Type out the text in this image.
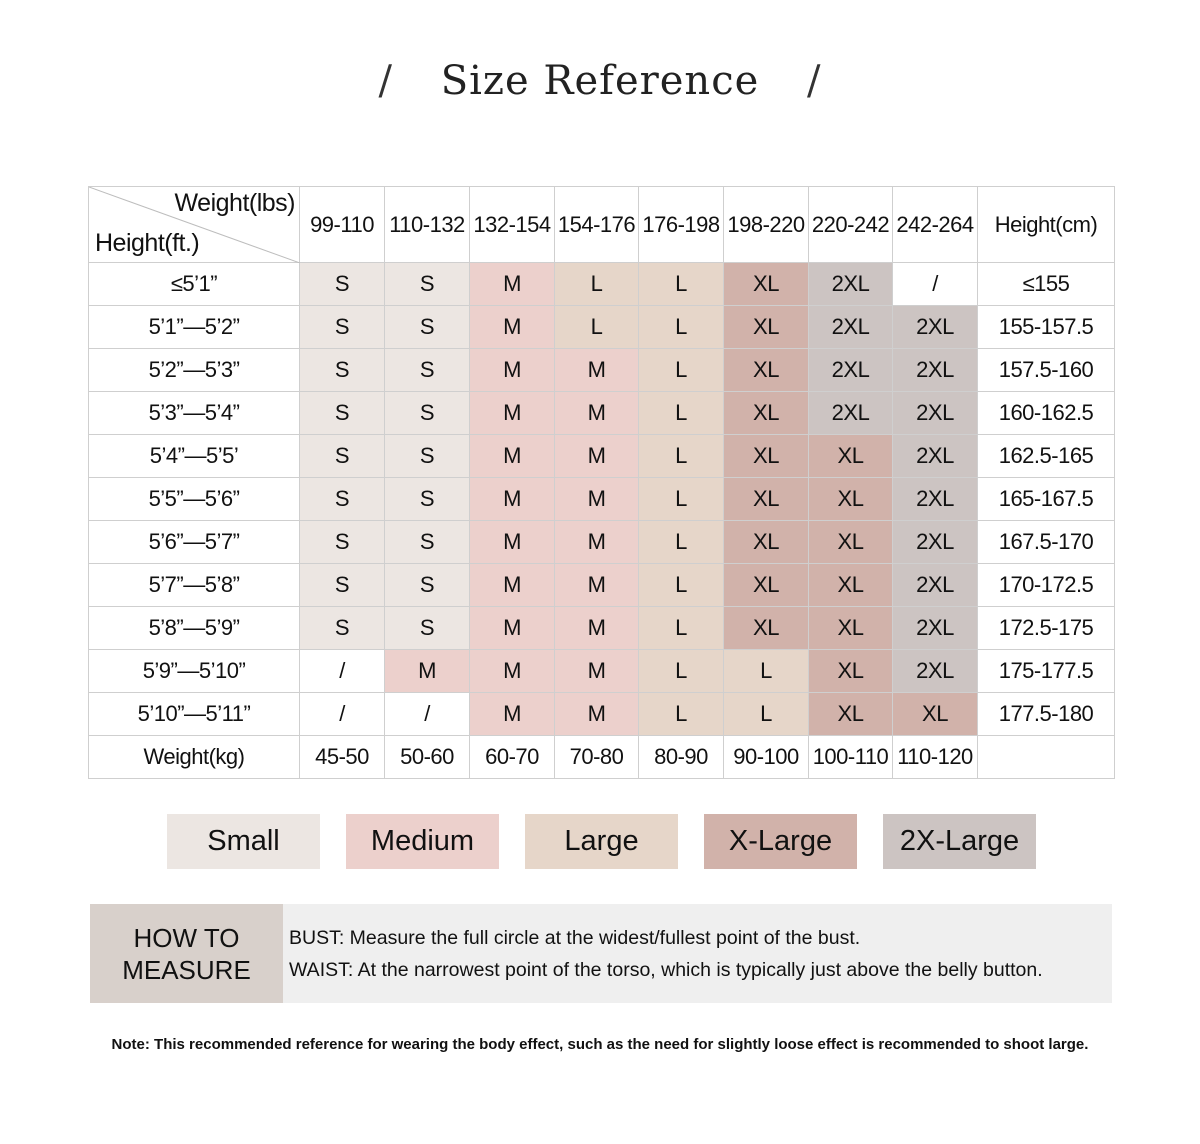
/ Size Reference /
Weight(lbs)
Height(ft.)	99-110	110-132	132-154	154-176	176-198	198-220	220-242	242-264	Height(cm)
≤5’1”	S	S	M	L	L	XL	2XL	/	≤155
5’1”—5’2”	S	S	M	L	L	XL	2XL	2XL	155-157.5
5’2”—5’3”	S	S	M	M	L	XL	2XL	2XL	157.5-160
5’3”—5’4”	S	S	M	M	L	XL	2XL	2XL	160-162.5
5’4”—5’5’	S	S	M	M	L	XL	XL	2XL	162.5-165
5’5”—5’6”	S	S	M	M	L	XL	XL	2XL	165-167.5
5’6”—5’7”	S	S	M	M	L	XL	XL	2XL	167.5-170
5’7”—5’8”	S	S	M	M	L	XL	XL	2XL	170-172.5
5’8”—5’9”	S	S	M	M	L	XL	XL	2XL	172.5-175
5’9”—5’10”	/	M	M	M	L	L	XL	2XL	175-177.5
5’10”—5’11”	/	/	M	M	L	L	XL	XL	177.5-180
Weight(kg)	45-50	50-60	60-70	70-80	80-90	90-100	100-110	110-120	
Small	Medium	Large	X-Large	2X-Large
HOW TO
MEASURE
BUST: Measure the full circle at the widest/fullest point of the bust.
WAIST: At the narrowest point of the torso, which is typically just above the belly button.
Note: This recommended reference for wearing the body effect, such as the need for slightly loose effect is recommended to shoot large.
